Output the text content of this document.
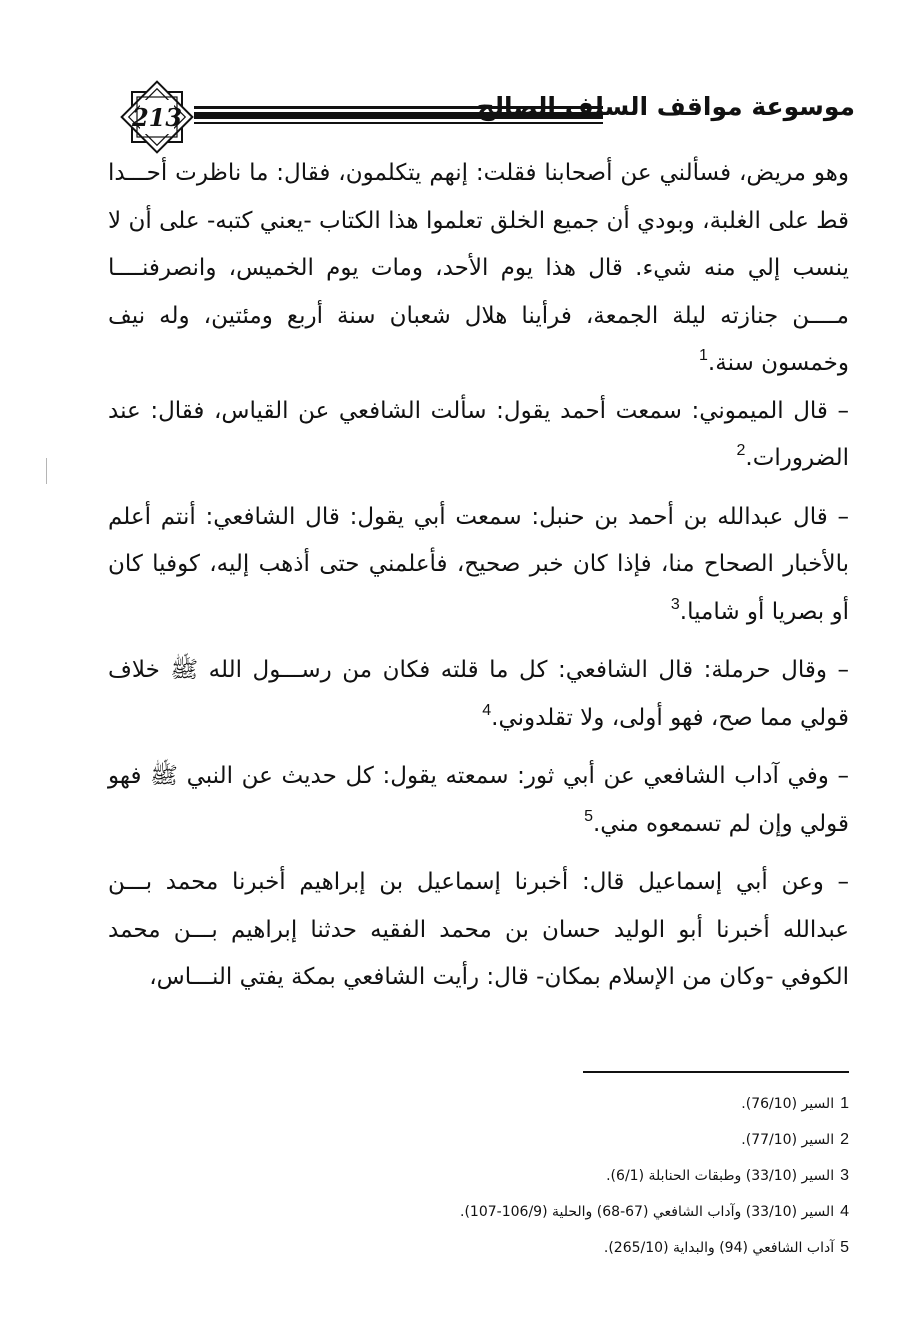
213	موسوعة مواقف السلف الصالح

وهو مريض، فسألني عن أصحابنا فقلت: إنهم يتكلمون، فقال: ما ناظرت أحـــدا قط على الغلبة، وبودي أن جميع الخلق تعلموا هذا الكتاب -يعني كتبه- على أن لا ينسب إلي منه شيء. قال هذا يوم الأحد، ومات يوم الخميس، وانصرفنــــا مــــن جنازته ليلة الجمعة، فرأينا هلال شعبان سنة أربع ومئتين، وله نيف وخمسون سنة.$^1$

– قال الميموني: سمعت أحمد يقول: سألت الشافعي عن القياس، فقال: عند الضرورات.$^2$

– قال عبدالله بن أحمد بن حنبل: سمعت أبي يقول: قال الشافعي: أنتم أعلم بالأخبار الصحاح منا، فإذا كان خبر صحيح، فأعلمني حتى أذهب إليه، كوفيا كان أو بصريا أو شاميا.$^3$

– وقال حرملة: قال الشافعي: كل ما قلته فكان من رســـول الله ﷺ خلاف قولي مما صح، فهو أولى، ولا تقلدوني.$^4$

– وفي آداب الشافعي عن أبي ثور: سمعته يقول: كل حديث عن النبي ﷺ فهو قولي وإن لم تسمعوه مني.$^5$

– وعن أبي إسماعيل قال: أخبرنا إسماعيل بن إبراهيم أخبرنا محمد بـــن عبدالله أخبرنا أبو الوليد حسان بن محمد الفقيه حدثنا إبراهيم بـــن محمد الكوفي -وكان من الإسلام بمكان- قال: رأيت الشافعي بمكة يفتي النـــاس،

1السير (76/10).
2السير (77/10).
3السير (33/10) وطبقات الحنابلة (6/1).
4السير (33/10) وآداب الشافعي (67-68) والحلية (106/9-107).
5آداب الشافعي (94) والبداية (265/10).
